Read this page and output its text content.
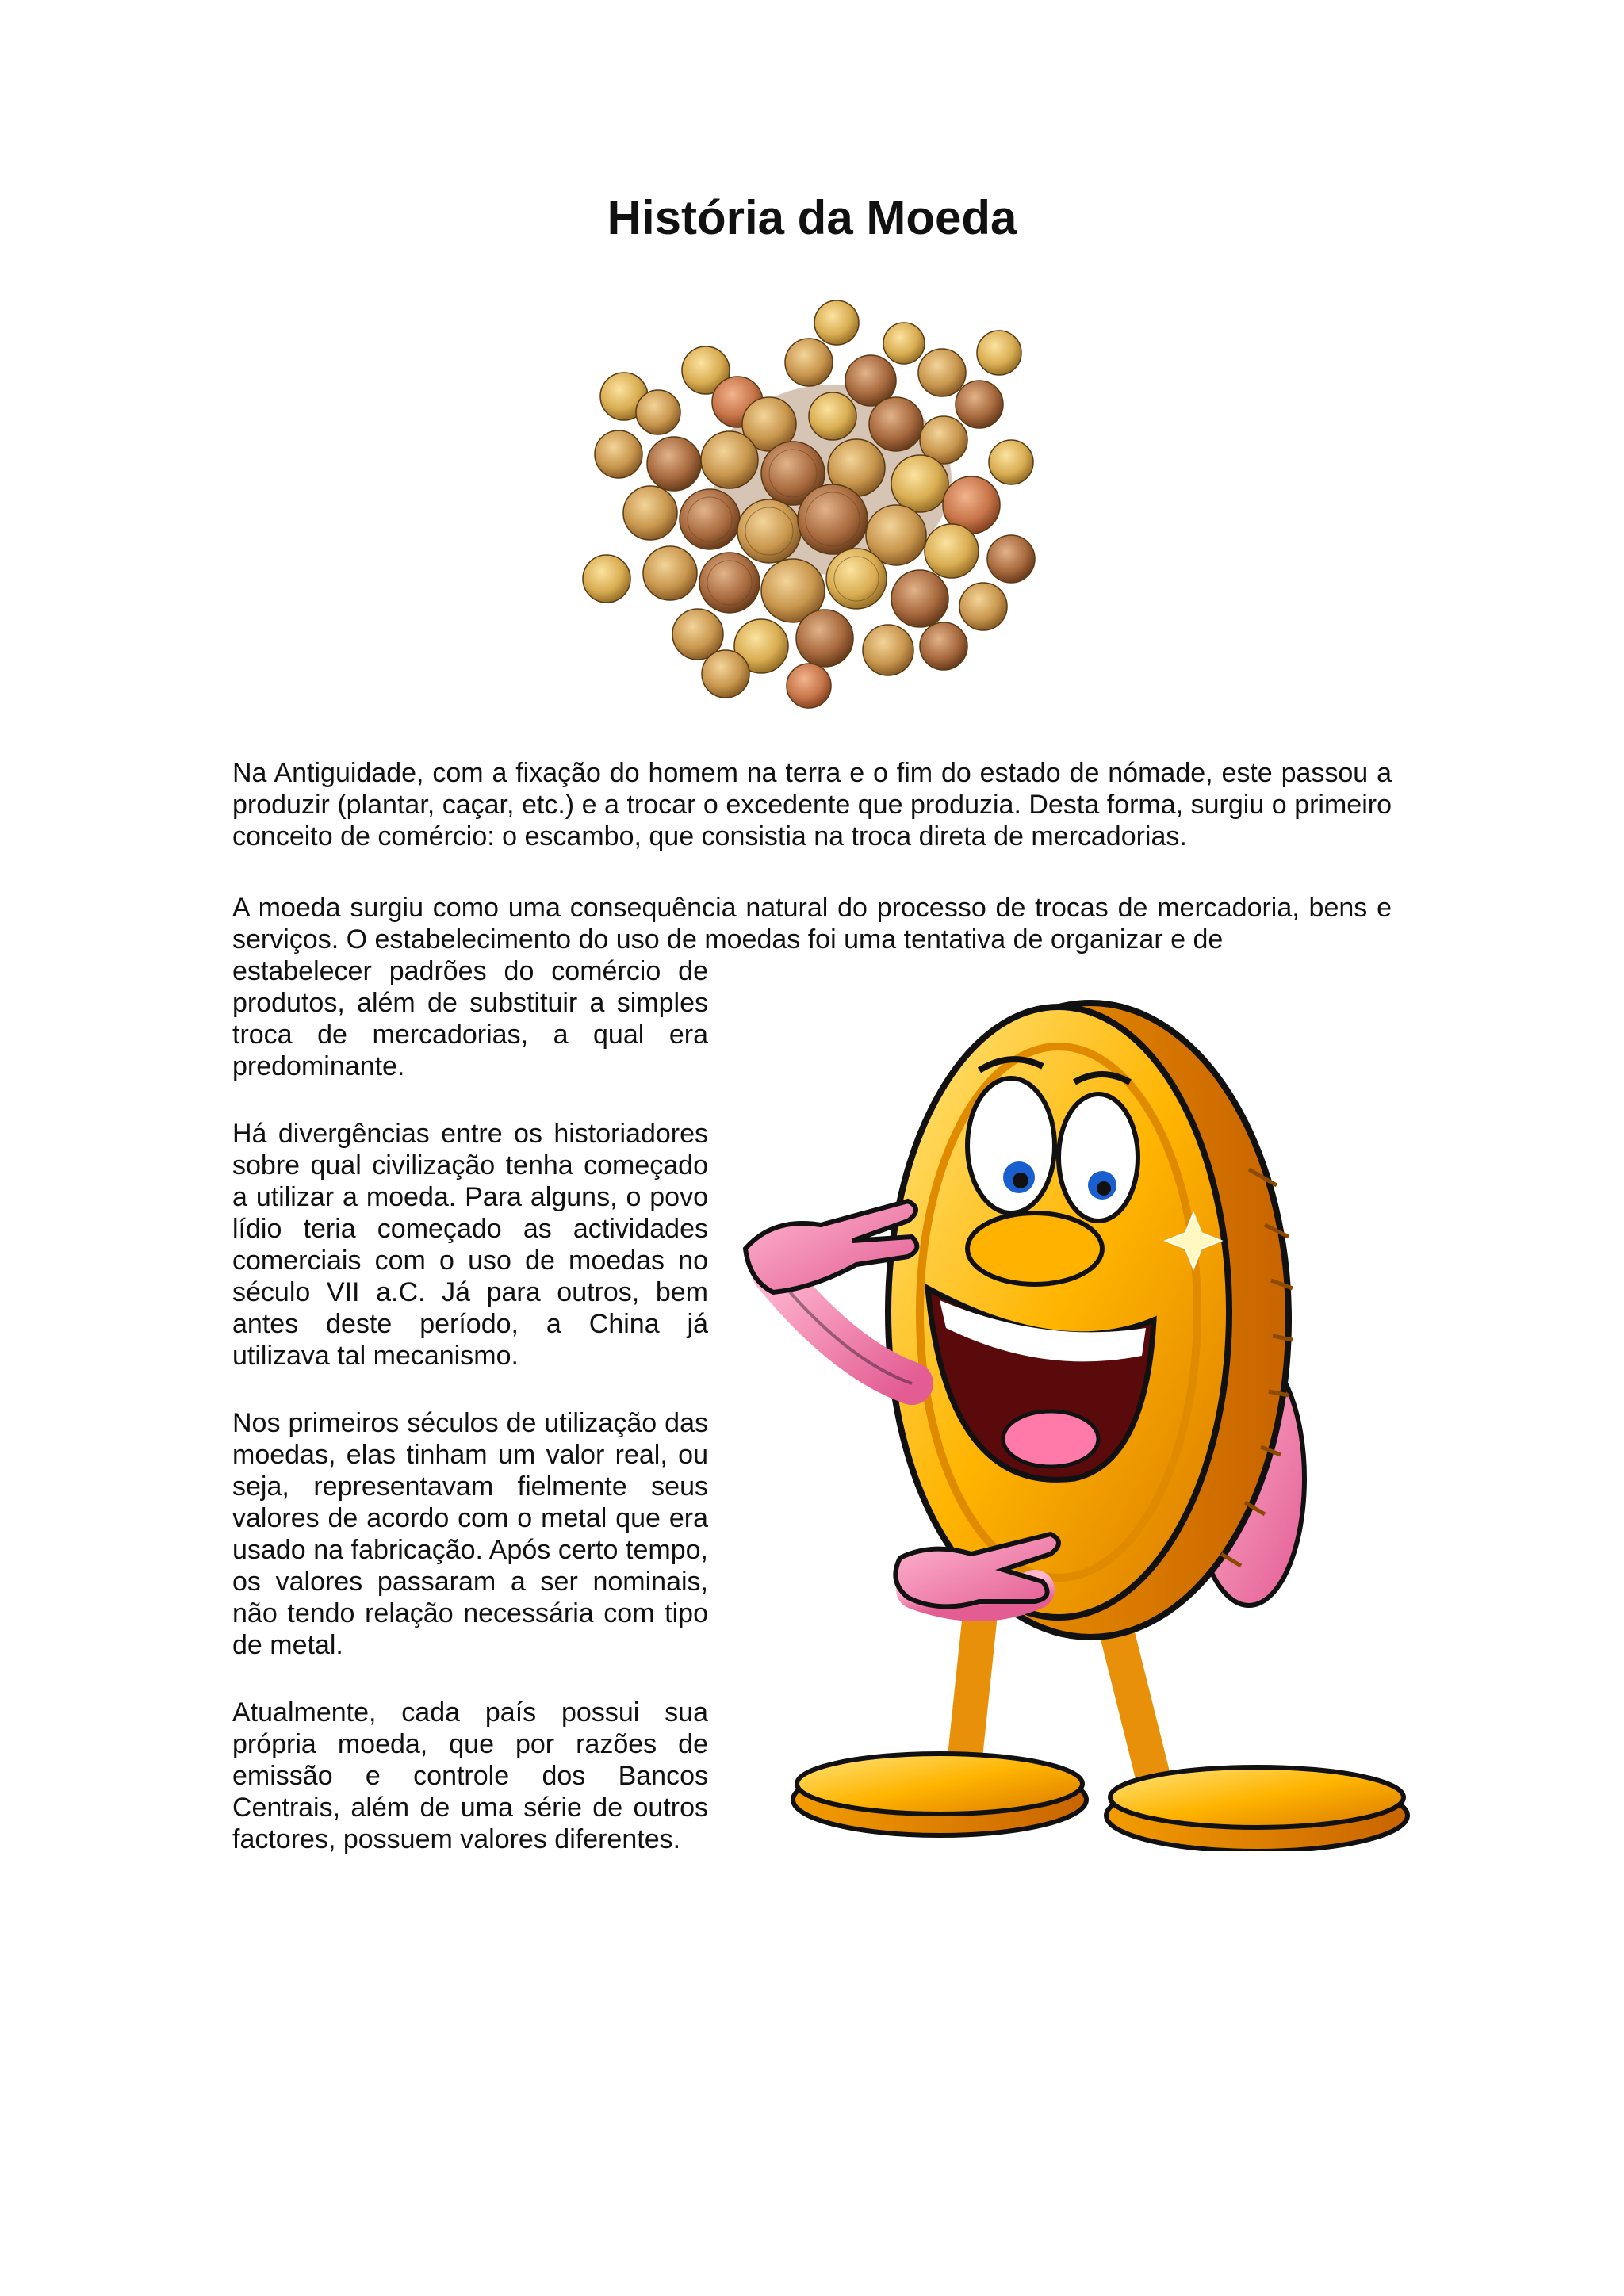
História da Moeda

Na Antiguidade, com a fixação do homem na terra e o fim do estado de nómade, este passou a produzir (plantar, caçar, etc.) e a trocar o excedente que produzia. Desta forma, surgiu o primeiro conceito de comércio: o escambo, que consistia na troca direta de mercadorias.

A moeda surgiu como uma consequência natural do processo de trocas de mercadoria, bens e serviços. O estabelecimento do uso de moedas foi uma tentativa de organizar e de

estabelecer padrões do comércio de produtos, além de substituir a simples troca de mercadorias, a qual era predominante.

Há divergências entre os historiadores sobre qual civilização tenha começado a utilizar a moeda. Para alguns, o povo lídio teria começado as actividades comerciais com o uso de moedas no século VII a.C. Já para outros, bem antes deste período, a China já utilizava tal mecanismo.

Nos primeiros séculos de utilização das moedas, elas tinham um valor real, ou seja, representavam fielmente seus valores de acordo com o metal que era usado na fabricação. Após certo tempo, os valores passaram a ser nominais, não tendo relação necessária com tipo de metal.

Atualmente, cada país possui sua própria moeda, que por razões de emissão e controle dos Bancos Centrais, além de uma série de outros factores, possuem valores diferentes.
